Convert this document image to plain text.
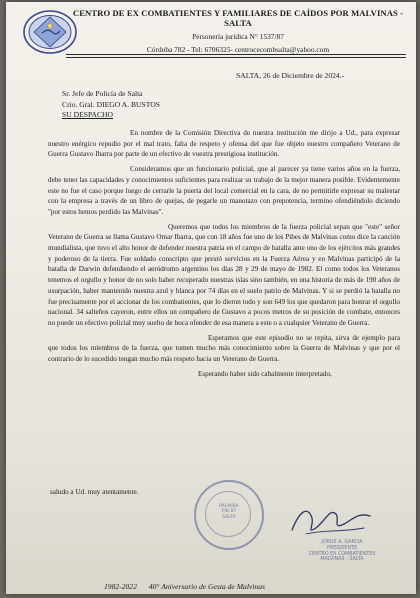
CENTRO DE EX COMBATIENTES Y FAMILIARES DE CAÍDOS POR MALVINAS - SALTA
Personería jurídica N° 1537/87
Córdoba 782 - Tel: 6706325- centrocecombsalta@yahoo.com
SALTA, 26 de Diciembre de 2024.-
Sr. Jefe de Policía de Salta
Crio. Gral. DIEGO A. BUSTOS
SU DESPACHO

En nombre de la Comisión Directiva de nuestra institución me dirijo a Ud., para expresar nuestro enérgico repudio por el mal trato, falta de respeto y ofensa del que fue objeto nuestro compañero Veterano de Guerra Gustavo Ibarra por parte de un efectivo de vuestra prestigiosa institución.

Consideramos que un funcionario policial, que al parecer ya tiene varios años en la fuerza, debe tener las capacidades y conocimientos suficientes para realizar su trabajo de la mejor manera posible. Evidentemente este no fue el caso porque luego de cerrarle la puerta del local comercial en la cara, de no permitirle expresar su malestar con la empresa a través de un libro de quejas, de pegarle un manotazo con prepotencia, termino ofendiéndolo diciendo "por estos hemos perdido las Malvinas".

Queremos que todos los miembros de la fuerza policial sepan que "este" señor Veterano de Guerra se llama Gustavo Omar Ibarra, que con 18 años fue uno de los Pibes de Malvinas como dice la canción mundialista, que tuvo el alto honor de defender nuestra patria en el campo de batalla ante uno de los ejércitos más grandes y poderoso de la tierra. Fue soldado conscripto que prestó servicios en la Fuerza Aérea y en Malvinas participó de la batalla de Darwin defendiendo el aeródromo argentino los días 28 y 29 de mayo de 1982. El como todos los Veteranos tenemos el orgullo y honor de no solo haber recuperado nuestras islas sino también, en una historia de más de 190 años de usurpación, haber mantenido nuestra azul y blanca por 74 días en el suelo patrio de Malvinas. Y si se perdió la batalla no fue precisamente por el accionar de los combatientes, que lo dieron todo y son 649 los que quedaron para honrar el orgullo nacional. 34 salteños cayeron, entre ellos un compañero de Gustavo a pocos metros de su posición de combate, entonces no puede un efectivo policial muy suelto de boca ofender de esa manera a este o a cualquier Veterano de Guerra.

Esperamos que este episodio no se repita, sirva de ejemplo para que todos los miembros de la fuerza, que tomen mucho más conocimiento sobre la Guerra de Malvinas y que por el contrario de lo sucedido tengan mucho más respeto hacia un Veterano de Guerra.

Esperando haber sido cabalmente interpretado,

saludo a Ud. muy atentamente.
PALMIRA
PIB 87
SALTA
JORGE A. GARCIA
PRESIDENTE
CENTRO EX COMBATIENTES
MALVINAS - SALTA
1982-2022 40° Aniversario de Gesta de Malvinas
